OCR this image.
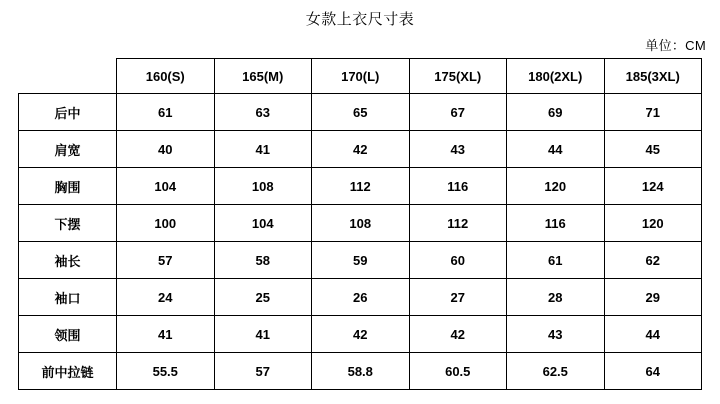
女款上衣尺寸表
单位：CM
	160(S)	165(M)	170(L)	175(XL)	180(2XL)	185(3XL)
后中	61	63	65	67	69	71
肩宽	40	41	42	43	44	45
胸围	104	108	112	116	120	124
下摆	100	104	108	112	116	120
袖长	57	58	59	60	61	62
袖口	24	25	26	27	28	29
领围	41	41	42	42	43	44
前中拉链	55.5	57	58.8	60.5	62.5	64
